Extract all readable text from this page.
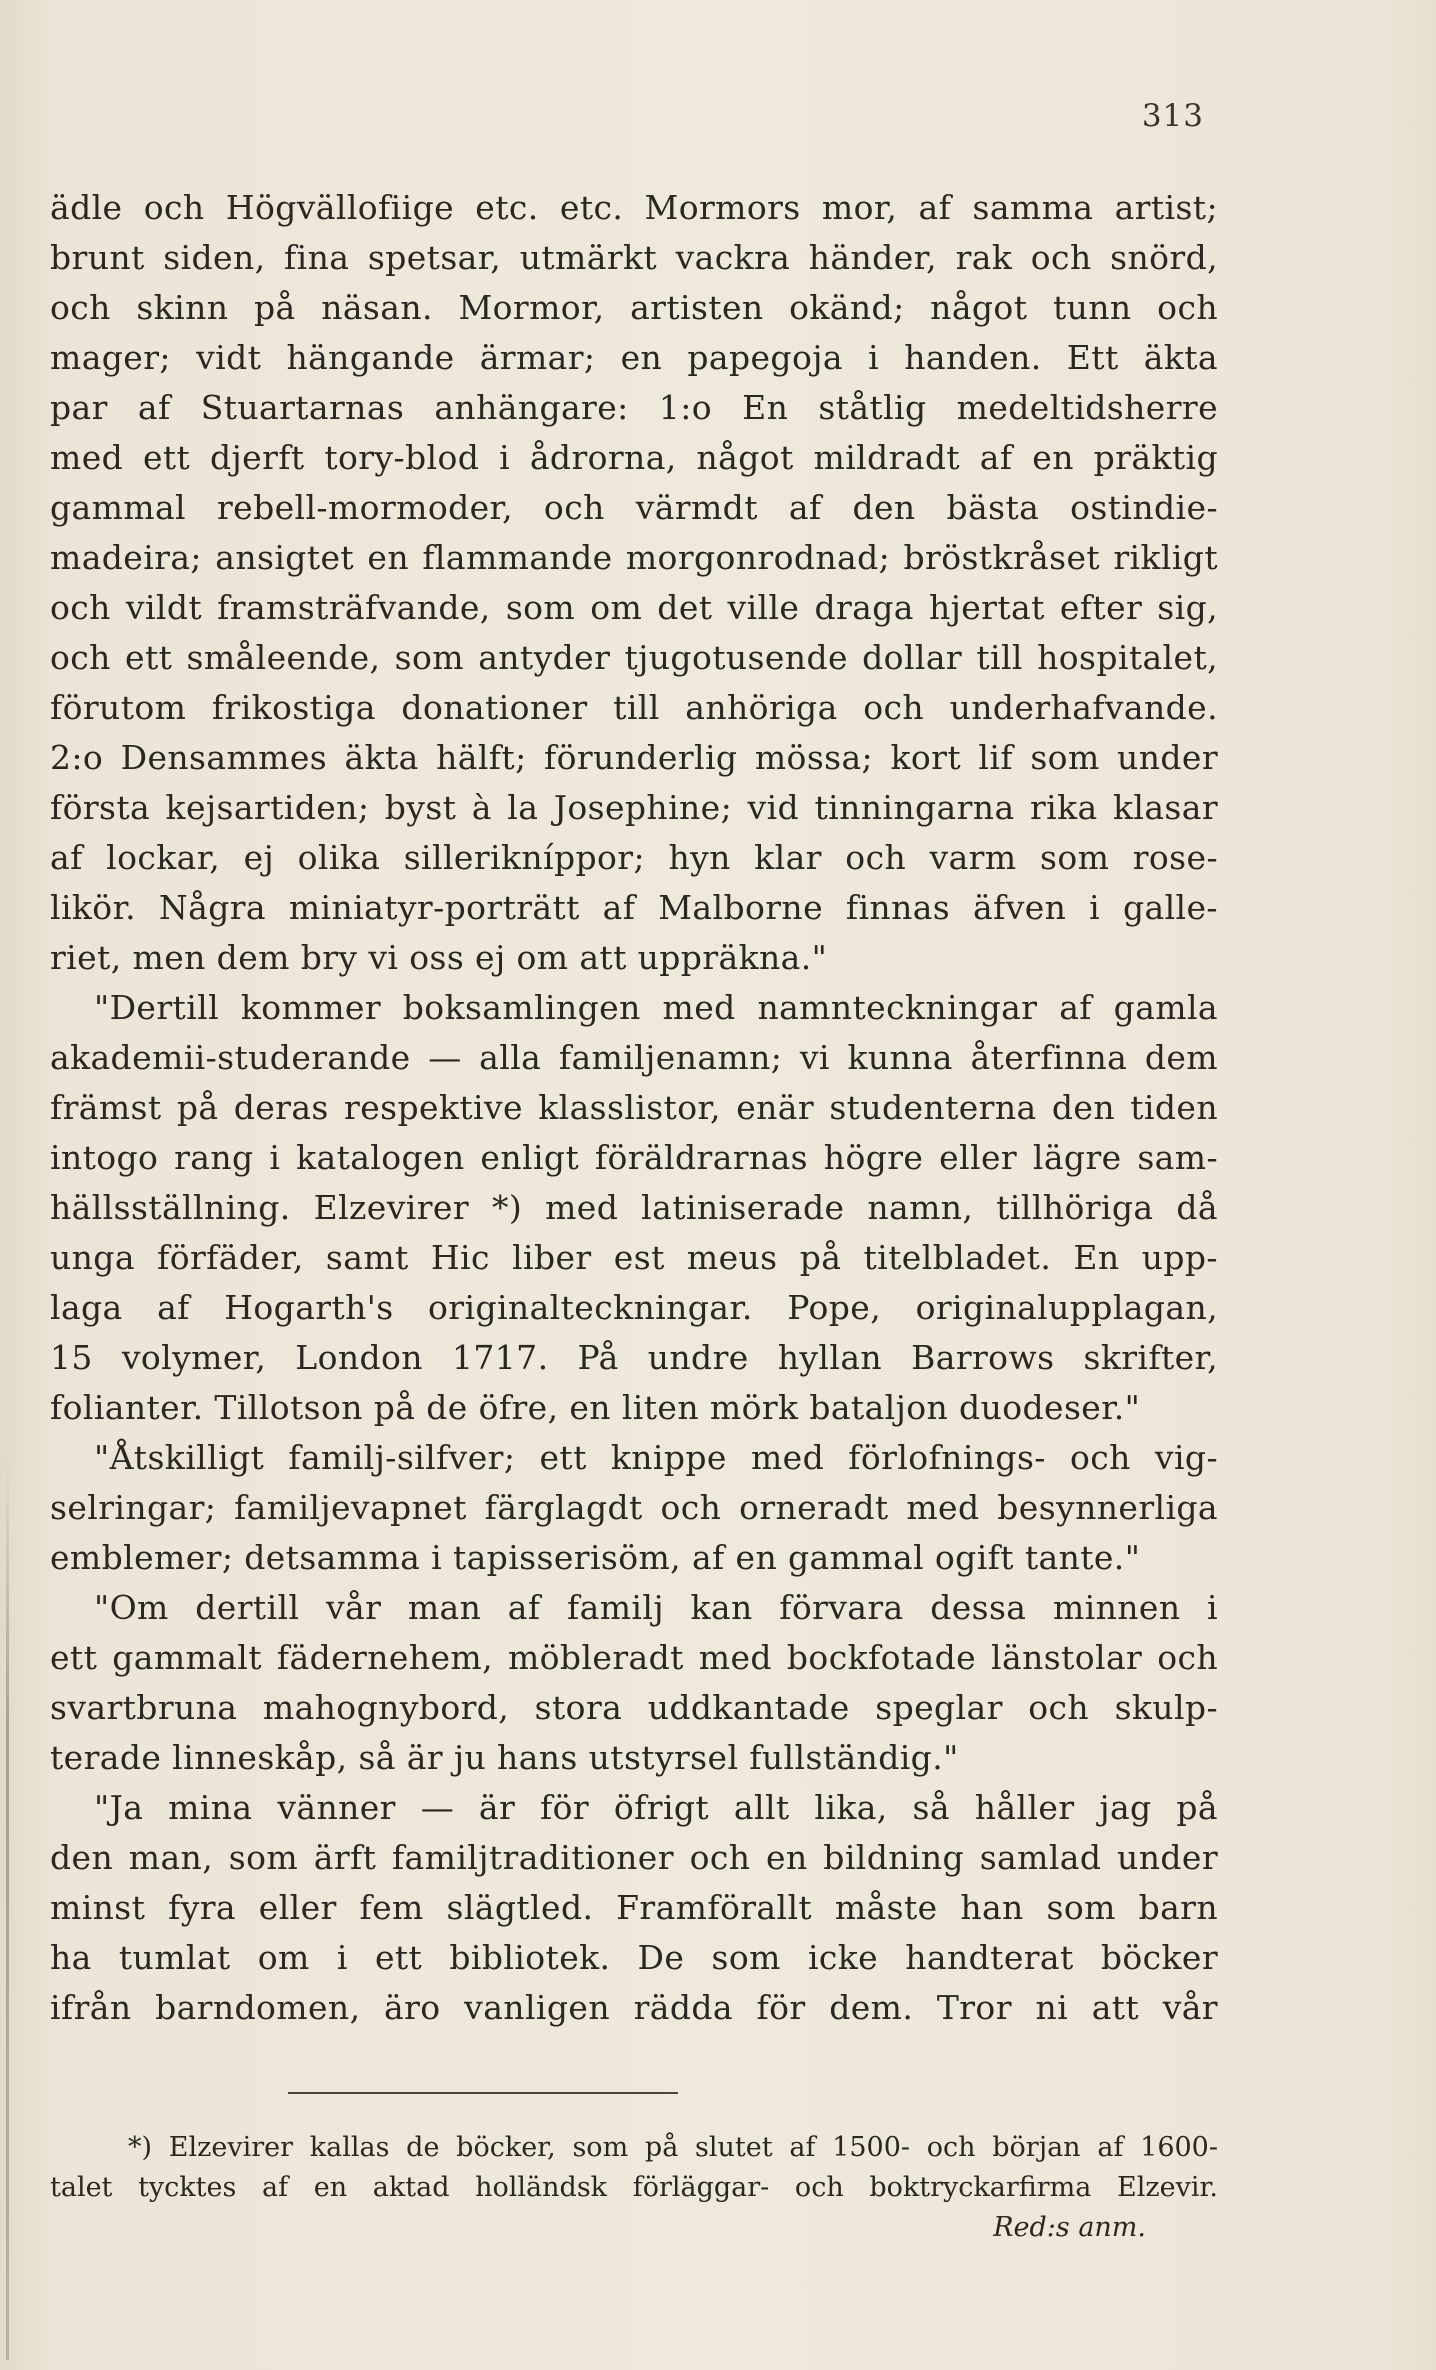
313
ädle och Högvällofiige etc. etc. Mormors mor, af samma artist;
brunt siden, fina spetsar, utmärkt vackra händer, rak och snörd,
och skinn på näsan. Mormor, artisten okänd; något tunn och
mager; vidt hängande ärmar; en papegoja i handen. Ett äkta
par af Stuartarnas anhängare: 1:o En ståtlig medeltidsherre
med ett djerft tory-blod i ådrorna, något mildradt af en präktig
gammal rebell-mormoder, och värmdt af den bästa ostindie-
madeira; ansigtet en flammande morgonrodnad; bröstkråset rikligt
och vildt framsträfvande, som om det ville draga hjertat efter sig,
och ett småleende, som antyder tjugotusende dollar till hospitalet,
förutom frikostiga donationer till anhöriga och underhafvande.
2:o Densammes äkta hälft; förunderlig mössa; kort lif som under
första kejsartiden; byst à la Josephine; vid tinningarna rika klasar
af lockar, ej olika sillerikníppor; hyn klar och varm som rose-
likör. Några miniatyr-porträtt af Malborne finnas äfven i galle-
riet, men dem bry vi oss ej om att uppräkna."
"Dertill kommer boksamlingen med namnteckningar af gamla
akademii-studerande — alla familjenamn; vi kunna återfinna dem
främst på deras respektive klasslistor, enär studenterna den tiden
intogo rang i katalogen enligt föräldrarnas högre eller lägre sam-
hällsställning. Elzevirer *) med latiniserade namn, tillhöriga då
unga förfäder, samt Hic liber est meus på titelbladet. En upp-
laga af Hogarth's originalteckningar. Pope, originalupplagan,
15 volymer, London 1717. På undre hyllan Barrows skrifter,
folianter. Tillotson på de öfre, en liten mörk bataljon duodeser."
"Åtskilligt familj-silfver; ett knippe med förlofnings- och vig-
selringar; familjevapnet färglagdt och orneradt med besynnerliga
emblemer; detsamma i tapisserisöm, af en gammal ogift tante."
"Om dertill vår man af familj kan förvara dessa minnen i
ett gammalt fädernehem, möbleradt med bockfotade länstolar och
svartbruna mahognybord, stora uddkantade speglar och skulp-
terade linneskåp, så är ju hans utstyrsel fullständig."
"Ja mina vänner — är för öfrigt allt lika, så håller jag på
den man, som ärft familjtraditioner och en bildning samlad under
minst fyra eller fem slägtled. Framförallt måste han som barn
ha tumlat om i ett bibliotek. De som icke handterat böcker
ifrån barndomen, äro vanligen rädda för dem. Tror ni att vår
*) Elzevirer kallas de böcker, som på slutet af 1500- och början af 1600-
talet tycktes af en aktad holländsk förläggar- och boktryckarfirma Elzevir.
Red:s anm.
